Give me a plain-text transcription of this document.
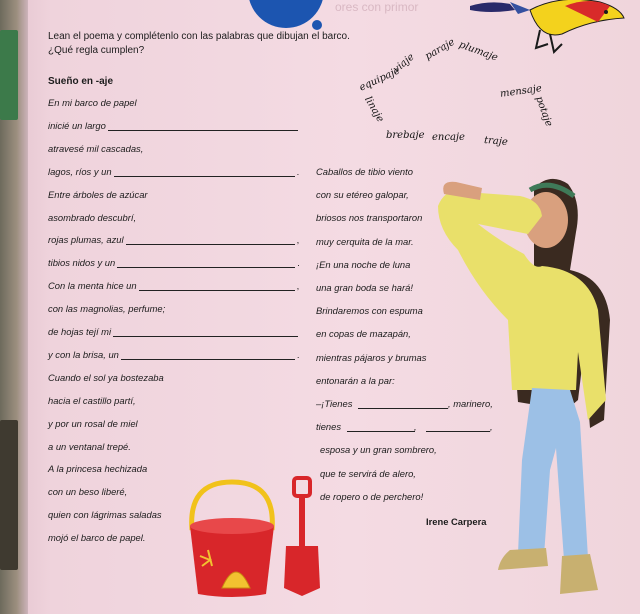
ores con primor
Lean el poema y complétenlo con las palabras que dibujan el barco.
¿Qué regla cumplen?
Sueño en -aje
En mi barco de papel
inicié un largo
atravesé mil cascadas,
lagos, ríos y un	.
Entre árboles de azúcar
asombrado descubrí,
rojas plumas, azul	,
tibios nidos y un	.
Con la menta hice un	,
con las magnolias, perfume;
de hojas tejí mi
y con la brisa, un	.
Cuando el sol ya bostezaba
hacia el castillo partí,
y por un rosal de miel
a un ventanal trepé.
A la princesa hechizada
con un beso liberé,
quien con lágrimas saladas
mojó el barco de papel.
Caballos de tibio viento
con su etéreo galopar,
briosos nos transportaron
muy cerquita de la mar.
¡En una noche de luna
una gran boda se hará!
Brindaremos con espuma
en copas de mazapán,
mientras pájaros y brumas
entonarán a la par:
–¡Tienes	, marinero,
tienes	,	,
esposa y un gran sombrero,
que te servirá de alero,
de ropero o de perchero!
Irene Carpera
equipaje
viaje
paraje plumaje
mensaje
potaje
traje
encaje
brebaje
linaje
